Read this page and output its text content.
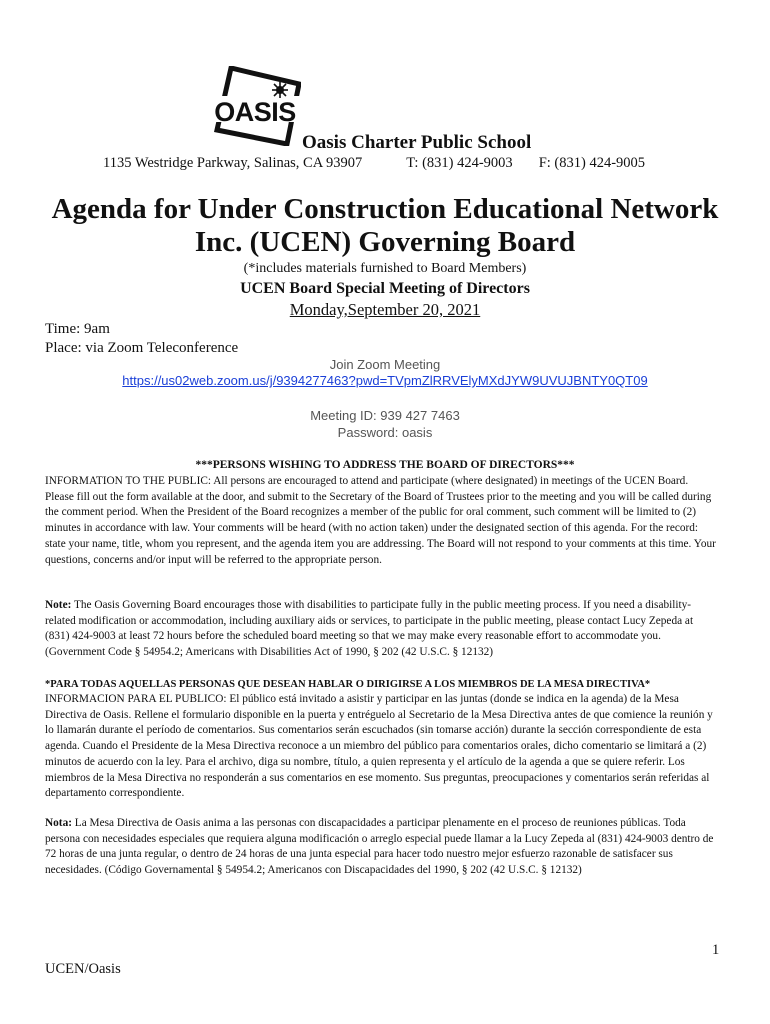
OASIS
Oasis Charter Public School
1135 Westridge Parkway, Salinas, CA 93907	T: (831) 424-9003 F: (831) 424-9005
Agenda for Under Construction Educational Network
Inc. (UCEN) Governing Board
(*includes materials furnished to Board Members)
UCEN Board Special Meeting of Directors
Monday,September 20, 2021
Time: 9am
Place: via Zoom Teleconference
Join Zoom Meeting
https://us02web.zoom.us/j/9394277463?pwd=TVpmZlRRVElyMXdJYW9UVUJBNTY0QT09
Meeting ID: 939 427 7463
Password: oasis
***PERSONS WISHING TO ADDRESS THE BOARD OF DIRECTORS***
INFORMATION TO THE PUBLIC: All persons are encouraged to attend and participate (where designated) in meetings of the UCEN Board. Please fill out the form available at the door, and submit to the Secretary of the Board of Trustees prior to the meeting and you will be called during the comment period. When the President of the Board recognizes a member of the public for oral comment, such comment will be limited to (2) minutes in accordance with law. Your comments will be heard (with no action taken) under the designated section of this agenda. For the record: state your name, title, whom you represent, and the agenda item you are addressing. The Board will not respond to your comments at this time. Your questions, concerns and/or input will be referred to the appropriate person.
Note: The Oasis Governing Board encourages those with disabilities to participate fully in the public meeting process. If you need a disability-related modification or accommodation, including auxiliary aids or services, to participate in the public meeting, please contact Lucy Zepeda at (831) 424-9003 at least 72 hours before the scheduled board meeting so that we may make every reasonable effort to accommodate you. (Government Code § 54954.2; Americans with Disabilities Act of 1990, § 202 (42 U.S.C. § 12132)
*PARA TODAS AQUELLAS PERSONAS QUE DESEAN HABLAR O DIRIGIRSE A LOS MIEMBROS DE LA MESA DIRECTIVA*
INFORMACION PARA EL PUBLICO: El público está invitado a asistir y participar en las juntas (donde se indica en la agenda) de la Mesa Directiva de Oasis. Rellene el formulario disponible en la puerta y entréguelo al Secretario de la Mesa Directiva antes de que comience la reunión y lo llamarán durante el período de comentarios. Sus comentarios serán escuchados (sin tomarse acción) durante la sección correspondiente de esta agenda. Cuando el Presidente de la Mesa Directiva reconoce a un miembro del público para comentarios orales, dicho comentario se limitará a (2) minutos de acuerdo con la ley. Para el archivo, diga su nombre, título, a quien representa y el artículo de la agenda a que se quiere referir. Los miembros de la Mesa Directiva no responderán a sus comentarios en ese momento. Sus preguntas, preocupaciones y comentarios serán referidas al departamento correspondiente.
Nota: La Mesa Directiva de Oasis anima a las personas con discapacidades a participar plenamente en el proceso de reuniones públicas. Toda persona con necesidades especiales que requiera alguna modificación o arreglo especial puede llamar a la Lucy Zepeda al (831) 424-9003 dentro de 72 horas de una junta regular, o dentro de 24 horas de una junta especial para hacer todo nuestro mejor esfuerzo razonable de satisfacer sus necesidades. (Código Governamental § 54954.2; Americanos con Discapacidades del 1990, § 202 (42 U.S.C. § 12132)
1
UCEN/Oasis
